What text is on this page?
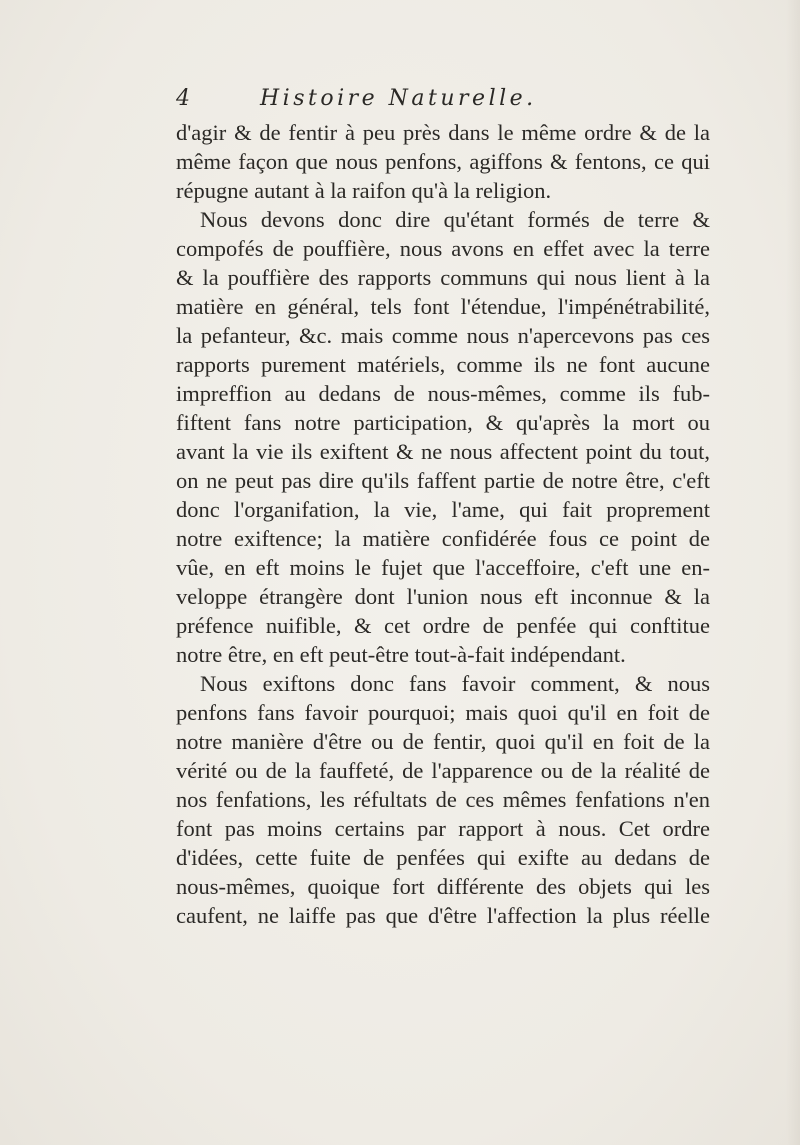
4	Histoire Naturelle.
d'agir & de fentir à peu près dans le même ordre & de la
même façon que nous penfons, agiffons & fentons, ce qui
répugne autant à la raifon qu'à la religion.
Nous devons donc dire qu'étant formés de terre &
compofés de pouffière, nous avons en effet avec la terre
& la pouffière des rapports communs qui nous lient à la
matière en général, tels font l'étendue, l'impénétrabilité,
la pefanteur, &c. mais comme nous n'apercevons pas ces
rapports purement matériels, comme ils ne font aucune
impreffion au dedans de nous-mêmes, comme ils fub-
fiftent fans notre participation, & qu'après la mort ou
avant la vie ils exiftent & ne nous affectent point du tout,
on ne peut pas dire qu'ils faffent partie de notre être, c'eft
donc l'organifation, la vie, l'ame, qui fait proprement
notre exiftence; la matière confidérée fous ce point de
vûe, en eft moins le fujet que l'acceffoire, c'eft une en-
veloppe étrangère dont l'union nous eft inconnue & la
préfence nuifible, & cet ordre de penfée qui conftitue
notre être, en eft peut-être tout-à-fait indépendant.
Nous exiftons donc fans favoir comment, & nous
penfons fans favoir pourquoi; mais quoi qu'il en foit de
notre manière d'être ou de fentir, quoi qu'il en foit de la
vérité ou de la fauffeté, de l'apparence ou de la réalité de
nos fenfations, les réfultats de ces mêmes fenfations n'en
font pas moins certains par rapport à nous. Cet ordre
d'idées, cette fuite de penfées qui exifte au dedans de
nous-mêmes, quoique fort différente des objets qui les
caufent, ne laiffe pas que d'être l'affection la plus réelle
